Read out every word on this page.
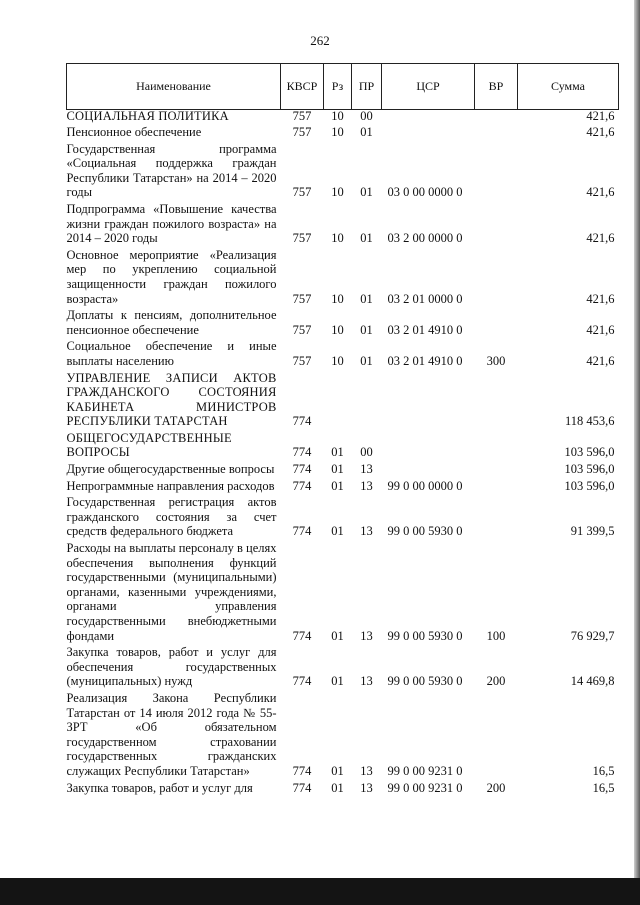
262
Наименование	КВСР	Рз	ПР	ЦСР	ВР	Сумма
СОЦИАЛЬНАЯ ПОЛИТИКА	757	10	00			421,6
Пенсионное обеспечение	757	10	01			421,6
Государственная программа «Социальная поддержка граждан Республики Татарстан» на 2014 – 2020 годы	757	10	01	03 0 00 0000 0		421,6
Подпрограмма «Повышение качества жизни граждан пожилого возраста» на 2014 – 2020 годы	757	10	01	03 2 00 0000 0		421,6
Основное мероприятие «Реализация мер по укреплению социальной защищенности граждан пожилого возраста»	757	10	01	03 2 01 0000 0		421,6
Доплаты к пенсиям, дополнительное пенсионное обеспечение	757	10	01	03 2 01 4910 0		421,6
Социальное обеспечение и иные выплаты населению	757	10	01	03 2 01 4910 0	300	421,6
УПРАВЛЕНИЕ ЗАПИСИ АКТОВ ГРАЖДАНСКОГО СОСТОЯНИЯ КАБИНЕТА МИНИСТРОВ РЕСПУБЛИКИ ТАТАРСТАН	774					118 453,6
ОБЩЕГОСУДАРСТВЕННЫЕ ВОПРОСЫ	774	01	00			103 596,0
Другие общегосударственные вопросы	774	01	13			103 596,0
Непрограммные направления расходов	774	01	13	99 0 00 0000 0		103 596,0
Государственная регистрация актов гражданского состояния за счет средств федерального бюджета	774	01	13	99 0 00 5930 0		91 399,5
Расходы на выплаты персоналу в целях обеспечения выполнения функций государственными (муниципальными) органами, казенными учреждениями, органами управления государственными внебюджетными фондами	774	01	13	99 0 00 5930 0	100	76 929,7
Закупка товаров, работ и услуг для обеспечения государственных (муниципальных) нужд	774	01	13	99 0 00 5930 0	200	14 469,8
Реализация Закона Республики Татарстан от 14 июля 2012 года № 55-ЗРТ «Об обязательном государственном страховании государственных гражданских служащих Республики Татарстан»	774	01	13	99 0 00 9231 0		16,5
Закупка товаров, работ и услуг для	774	01	13	99 0 00 9231 0	200	16,5
